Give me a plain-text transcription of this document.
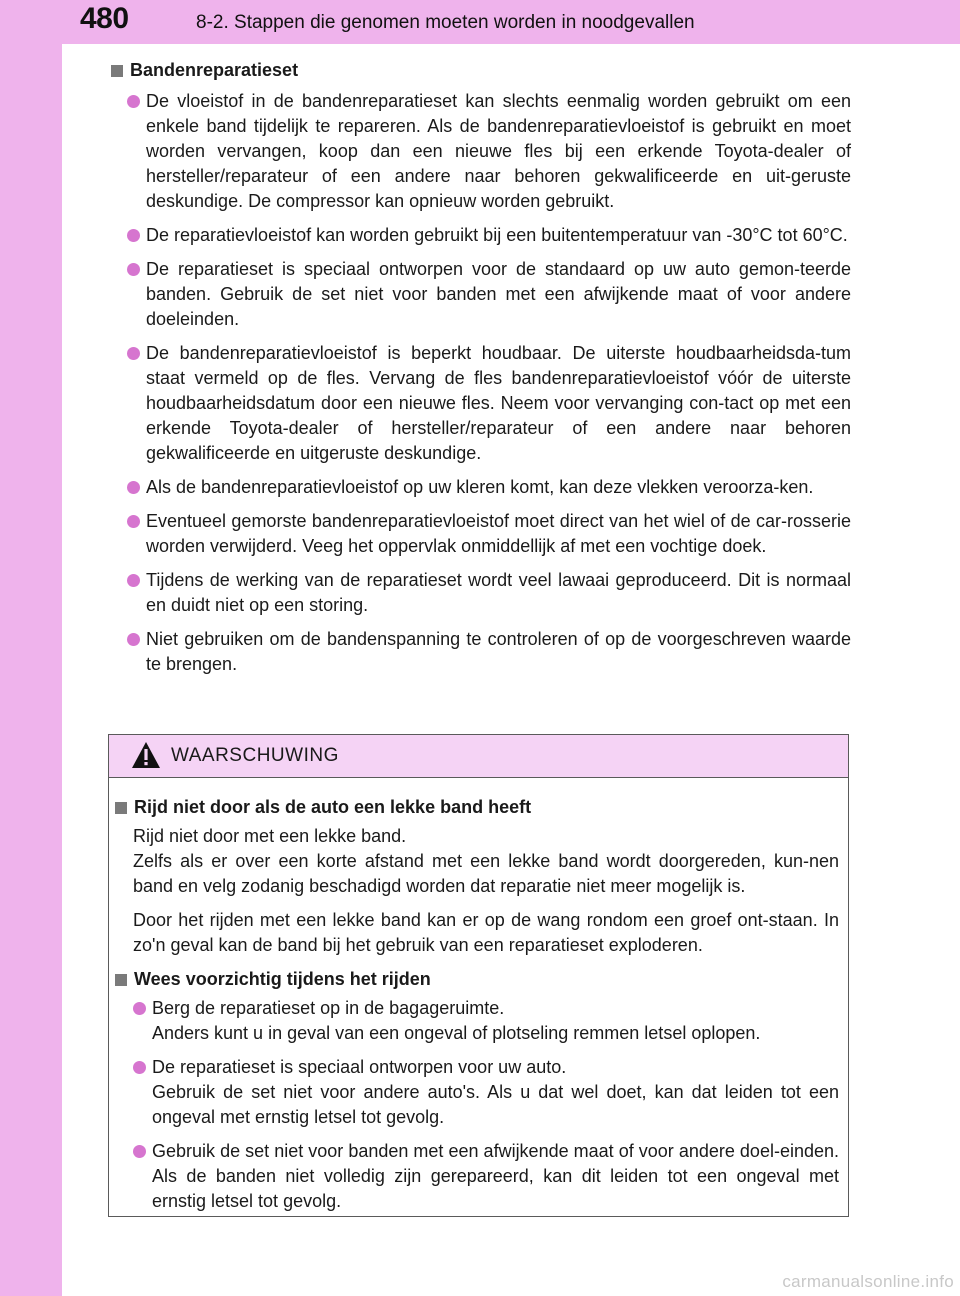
480	8-2. Stappen die genomen moeten worden in noodgevallen
Bandenreparatieset
De vloeistof in de bandenreparatieset kan slechts eenmalig worden gebruikt om een enkele band tijdelijk te repareren. Als de bandenreparatievloeistof is gebruikt en moet worden vervangen, koop dan een nieuwe fles bij een erkende Toyota-dealer of hersteller/reparateur of een andere naar behoren gekwalificeerde en uit-geruste deskundige. De compressor kan opnieuw worden gebruikt.
De reparatievloeistof kan worden gebruikt bij een buitentemperatuur van -30°C tot 60°C.
De reparatieset is speciaal ontworpen voor de standaard op uw auto gemon-teerde banden. Gebruik de set niet voor banden met een afwijkende maat of voor andere doeleinden.
De bandenreparatievloeistof is beperkt houdbaar. De uiterste houdbaarheidsda-tum staat vermeld op de fles. Vervang de fles bandenreparatievloeistof vóór de uiterste houdbaarheidsdatum door een nieuwe fles. Neem voor vervanging con-tact op met een erkende Toyota-dealer of hersteller/reparateur of een andere naar behoren gekwalificeerde en uitgeruste deskundige.
Als de bandenreparatievloeistof op uw kleren komt, kan deze vlekken veroorza-ken.
Eventueel gemorste bandenreparatievloeistof moet direct van het wiel of de car-rosserie worden verwijderd. Veeg het oppervlak onmiddellijk af met een vochtige doek.
Tijdens de werking van de reparatieset wordt veel lawaai geproduceerd. Dit is normaal en duidt niet op een storing.
Niet gebruiken om de bandenspanning te controleren of op de voorgeschreven waarde te brengen.
WAARSCHUWING
Rijd niet door als de auto een lekke band heeft
Rijd niet door met een lekke band.
Zelfs als er over een korte afstand met een lekke band wordt doorgereden, kun-nen band en velg zodanig beschadigd worden dat reparatie niet meer mogelijk is.
Door het rijden met een lekke band kan er op de wang rondom een groef ont-staan. In zo'n geval kan de band bij het gebruik van een reparatieset exploderen.
Wees voorzichtig tijdens het rijden
Berg de reparatieset op in de bagageruimte.
Anders kunt u in geval van een ongeval of plotseling remmen letsel oplopen.
De reparatieset is speciaal ontworpen voor uw auto.
Gebruik de set niet voor andere auto's. Als u dat wel doet, kan dat leiden tot een ongeval met ernstig letsel tot gevolg.
Gebruik de set niet voor banden met een afwijkende maat of voor andere doel-einden. Als de banden niet volledig zijn gerepareerd, kan dit leiden tot een ongeval met ernstig letsel tot gevolg.
carmanualsonline.info
